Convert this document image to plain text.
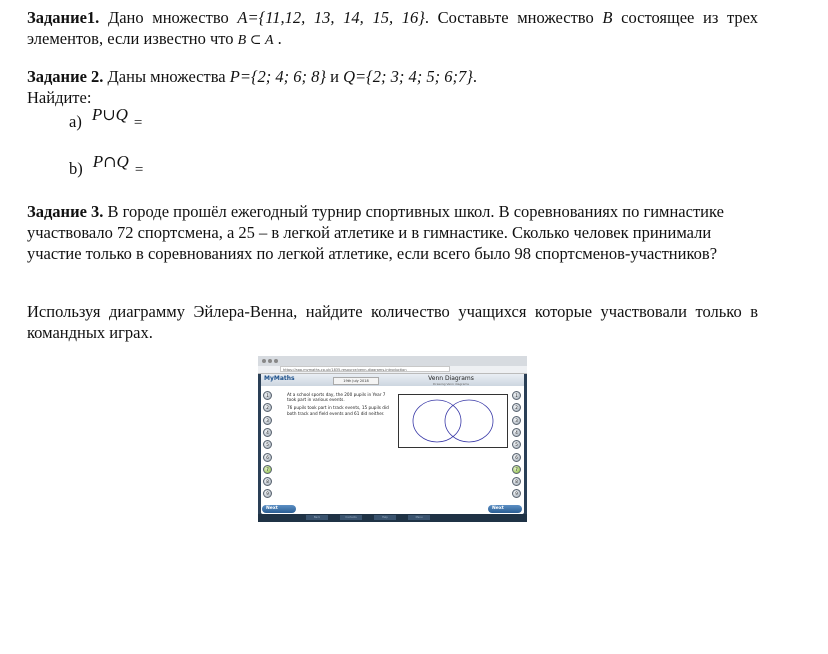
Задание1. Дано множество A={11,12, 13, 14, 15, 16}. Составьте множество B состоящее из трех элементов, если известно что B ⊂ A .

Задание 2. Даны множества P={2; 4; 6; 8} и Q={2; 3; 4; 5; 6;7}.
Найдите:

a) P∪Q =
b) P∩Q =

Задание 3. В городе прошёл ежегодный турнир спортивных школ. В соревнованиях по гимнастике участвовало 72 спортсмена, а 25 – в легкой атлетике и в гимнастике. Сколько человек принимали участие только в соревнованиях по легкой атлетике, если всего было 98 спортсменов-участников?

Используя диаграмму Эйлера-Венна, найдите количество учащихся которые участвовали только в командных играх.

https://app.mymaths.co.uk/1835-resource/venn-diagrams-introduction
MyMaths	19th July 2018	Venn Diagrams
Drawing Venn diagrams

At a school sports day, the 200 pupils in Year 7 took part in various events.

76 pupils took part in track events, 15 pupils did both track and field events and 61 did neither.

1
2
3
4
5
6
7
8
9
1
2
3
4
5
6
7
8
9
Next	Next
Back	Contents	Help	Menu
